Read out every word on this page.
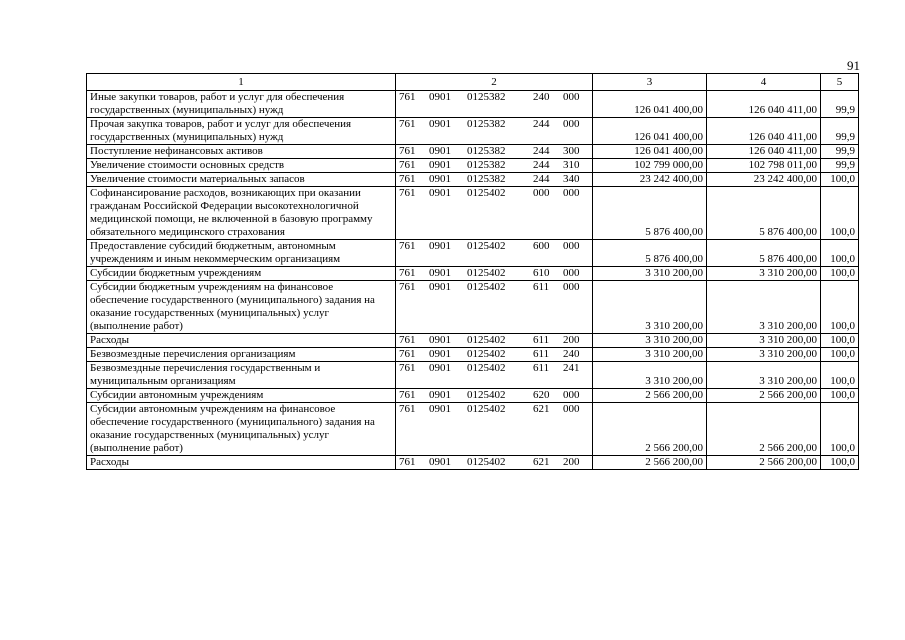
91
1	2	3	4	5
Иные закупки товаров, работ и услуг для обеспечения государственных (муниципальных) нужд	761 0901 0125382 240 000	126 041 400,00	126 040 411,00	99,9
Прочая закупка товаров, работ и услуг для обеспечения государственных (муниципальных) нужд	761 0901 0125382 244 000	126 041 400,00	126 040 411,00	99,9
Поступление нефинансовых активов	761 0901 0125382 244 300	126 041 400,00	126 040 411,00	99,9
Увеличение стоимости основных средств	761 0901 0125382 244 310	102 799 000,00	102 798 011,00	99,9
Увеличение стоимости материальных запасов	761 0901 0125382 244 340	23 242 400,00	23 242 400,00	100,0
Софинансирование расходов, возникающих при оказании гражданам Российской Федерации высокотехнологичной медицинской помощи, не включенной в базовую программу обязательного медицинского страхования	761 0901 0125402 000 000	5 876 400,00	5 876 400,00	100,0
Предоставление субсидий бюджетным, автономным учреждениям и иным некоммерческим организациям	761 0901 0125402 600 000	5 876 400,00	5 876 400,00	100,0
Субсидии бюджетным учреждениям	761 0901 0125402 610 000	3 310 200,00	3 310 200,00	100,0
Субсидии бюджетным учреждениям на финансовое обеспечение государственного (муниципального) задания на оказание государственных (муниципальных) услуг (выполнение работ)	761 0901 0125402 611 000	3 310 200,00	3 310 200,00	100,0
Расходы	761 0901 0125402 611 200	3 310 200,00	3 310 200,00	100,0
Безвозмездные перечисления организациям	761 0901 0125402 611 240	3 310 200,00	3 310 200,00	100,0
Безвозмездные перечисления государственным и муниципальным организациям	761 0901 0125402 611 241	3 310 200,00	3 310 200,00	100,0
Субсидии автономным учреждениям	761 0901 0125402 620 000	2 566 200,00	2 566 200,00	100,0
Субсидии автономным учреждениям на финансовое обеспечение государственного (муниципального) задания на оказание государственных (муниципальных) услуг (выполнение работ)	761 0901 0125402 621 000	2 566 200,00	2 566 200,00	100,0
Расходы	761 0901 0125402 621 200	2 566 200,00	2 566 200,00	100,0
